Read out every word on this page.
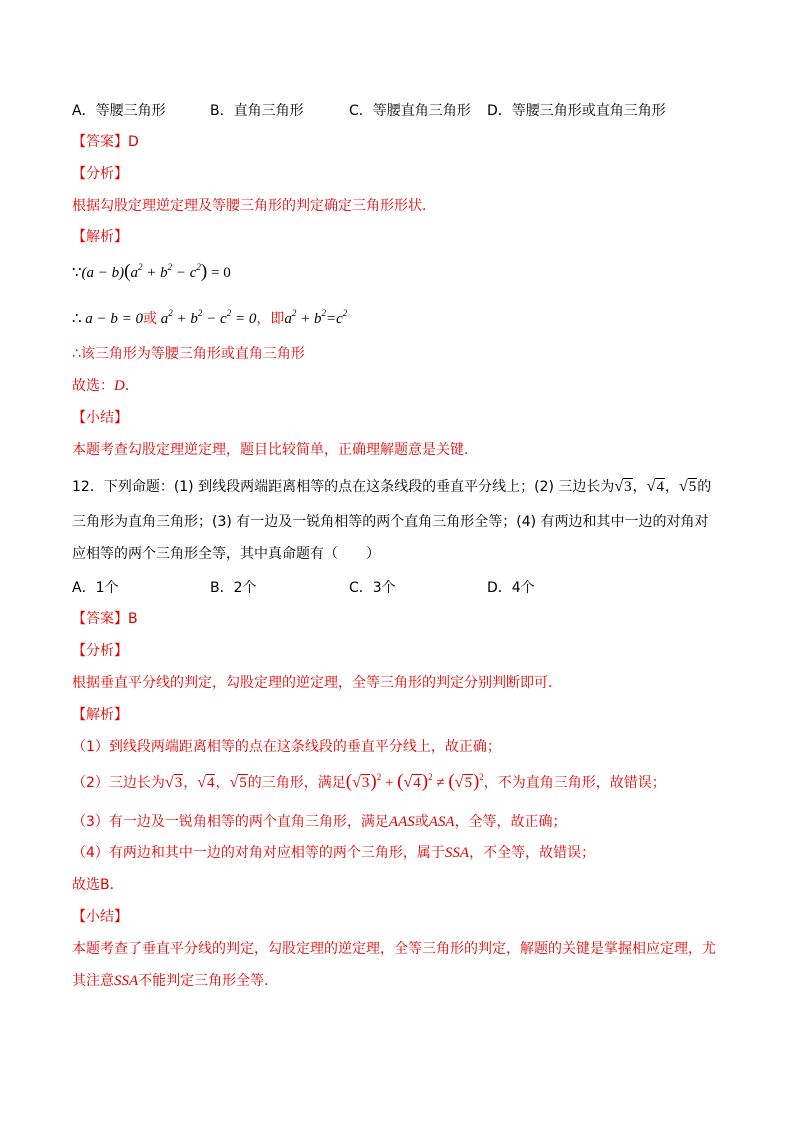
A．等腰三角形	B．直角三角形	C．等腰直角三角形 D．等腰三角形或直角三角形
【答案】D
【分析】
根据勾股定理逆定理及等腰三角形的判定确定三角形形状．
【解析】
∵(a − $b)(a^2 + b^2 - c^2) = 0$
∴ a − b = 0或 $a^2 + b^2 - c^2 = 0$，即$a^2 + b^2=c^2$
∴该三角形为等腰三角形或直角三角形
故选：D．
【小结】
本题考查勾股定理逆定理，题目比较简单，正确理解题意是关键．
12．下列命题：(1) 到线段两端距离相等的点在这条线段的垂直平分线上；(2) 三边长为√3，√4，√5的
三角形为直角三角形；(3) 有一边及一锐角相等的两个直角三角形全等；(4) 有两边和其中一边的对角对
应相等的两个三角形全等，其中真命题有（　　）
A．1个	B．2个	C．3个	D．4个
【答案】B
【分析】
根据垂直平分线的判定，勾股定理的逆定理，全等三角形的判定分别判断即可．
【解析】
（1）到线段两端距离相等的点在这条线段的垂直平分线上，故正确；
（2）三边长为√3，√4，√5的三角形，满足$(√3)^2 + (√4)^2 \ne (√5)^2$，不为直角三角形，故错误；
（3）有一边及一锐角相等的两个直角三角形，满足AAS或ASA，全等，故正确；
（4）有两边和其中一边的对角对应相等的两个三角形，属于SSA，不全等，故错误；
故选B．
【小结】
本题考查了垂直平分线的判定，勾股定理的逆定理，全等三角形的判定，解题的关键是掌握相应定理，尤
其注意SSA不能判定三角形全等．
